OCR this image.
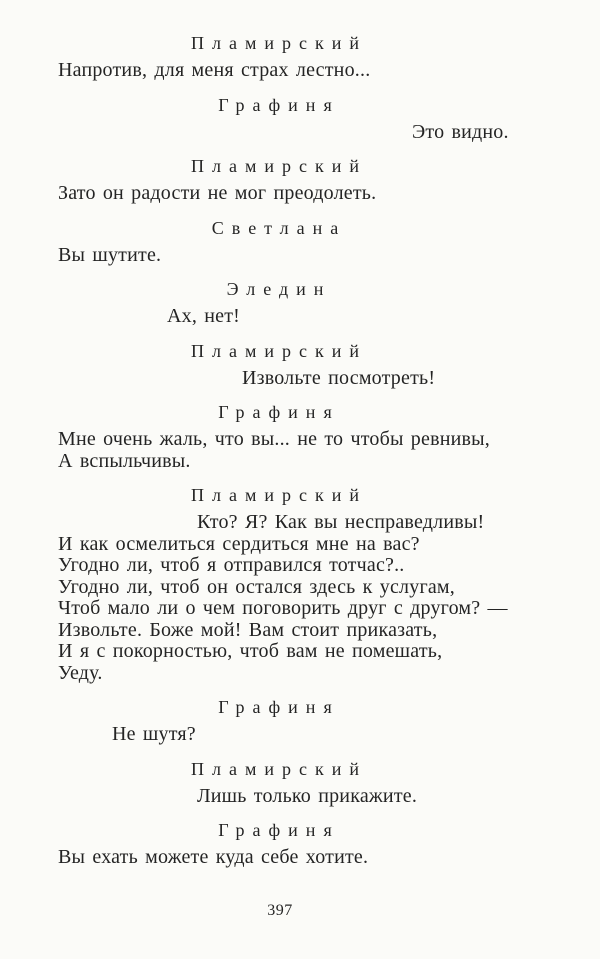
Пламирский
Напротив, для меня страх лестно...
Графиня
Это видно.
Пламирский
Зато он радости не мог преодолеть.
Светлана
Вы шутите.
Эледин
Ах, нет!
Пламирский
Извольте посмотреть!
Графиня
Мне очень жаль, что вы... не то чтобы ревнивы,
А вспыльчивы.
Пламирский
Кто? Я? Как вы несправедливы!
И как осмелиться сердиться мне на вас?
Угодно ли, чтоб я отправился тотчас?..
Угодно ли, чтоб он остался здесь к услугам,
Чтоб мало ли о чем поговорить друг с другом? —
Извольте. Боже мой! Вам стоит приказать,
И я с покорностью, чтоб вам не помешать,
Уеду.
Графиня
Не шутя?
Пламирский
Лишь только прикажите.
Графиня
Вы ехать можете куда себе хотите.
397
